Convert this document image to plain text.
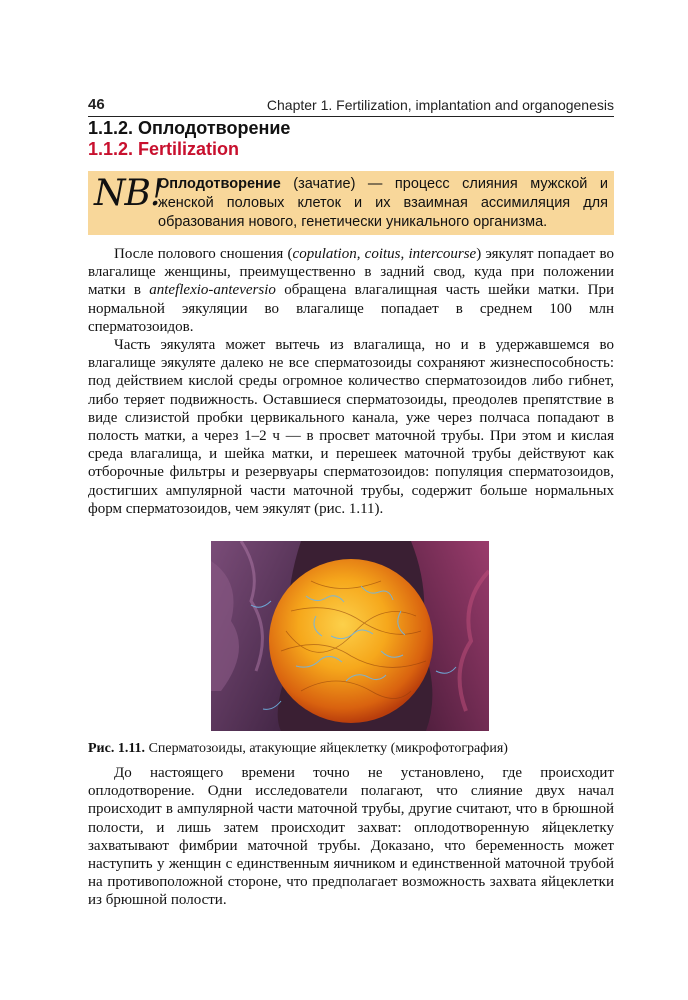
46	Chapter 1. Fertilization, implantation and organogenesis
1.1.2. Оплодотворение
1.1.2. Fertilization
NB!
Оплодотворение (зачатие) — процесс слияния мужской и женской половых клеток и их взаимная ассимиляция для образования нового, генетически уникального организма.

После полового сношения (copulation, coitus, intercourse) эякулят попадает во влагалище женщины, преимущественно в задний свод, куда при положении матки в anteflexio-anteversio обращена влагалищная часть шейки матки. При нормальной эякуляции во влагалище попадает в среднем 100 млн сперматозоидов.

Часть эякулята может вытечь из влагалища, но и в удержавшемся во влагалище эякуляте далеко не все сперматозоиды сохраняют жизнеспособность: под действием кислой среды огромное количество сперматозоидов либо гибнет, либо теряет подвижность. Оставшиеся сперматозоиды, преодолев препятствие в виде слизистой пробки цервикального канала, уже через полчаса попадают в полость матки, а через 1–2 ч — в просвет маточной трубы. При этом и кислая среда влагалища, и шейка матки, и перешеек маточной трубы действуют как отборочные фильтры и резервуары сперматозоидов: популяция сперматозоидов, достигших ампулярной части маточной трубы, содержит больше нормальных форм сперматозоидов, чем эякулят (рис. 1.11).

Рис. 1.11. Сперматозоиды, атакующие яйцеклетку (микрофотография)

До настоящего времени точно не установлено, где происходит оплодотворение. Одни исследователи полагают, что слияние двух начал происходит в ампулярной части маточной трубы, другие считают, что в брюшной полости, и лишь затем происходит захват: оплодотворенную яйцеклетку захватывают фимбрии маточной трубы. Доказано, что беременность может наступить у женщин с единственным яичником и единственной маточной трубой на противоположной стороне, что предполагает возможность захвата яйцеклетки из брюшной полости.
